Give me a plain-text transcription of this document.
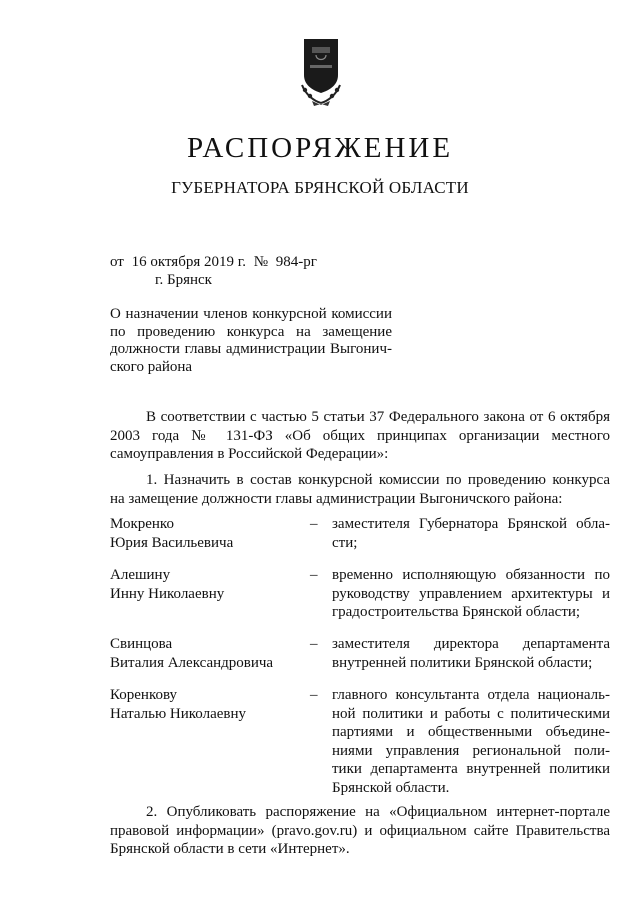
РАСПОРЯЖЕНИЕ
ГУБЕРНАТОРА БРЯНСКОЙ ОБЛАСТИ
от 16 октября 2019 г. № 984-рг
г. Брянск
О назначении членов конкурсной комиссии
по проведению конкурса на замещение
должности главы администрации Выгонич-
ского района
В соответствии с частью 5 статьи 37 Федерального закона от 6 октября
2003 года № 131-ФЗ «Об общих принципах организации местного
самоуправления в Российской Федерации»:
1. Назначить в состав конкурсной комиссии по проведению конкурса
на замещение должности главы администрации Выгоничского района:
Мокренко
Юрия Васильевича
– заместителя Губернатора Брянской обла-
сти;
Алешину
Инну Николаевну
– временно исполняющую обязанности по
руководству управлением архитектуры и
градостроительства Брянской области;
Свинцова
Виталия Александровича
– заместителя директора департамента
внутренней политики Брянской области;
Коренкову
Наталью Николаевну
– главного консультанта отдела националь-
ной политики и работы с политическими
партиями и общественными объедине-
ниями управления региональной поли-
тики департамента внутренней политики
Брянской области.
2. Опубликовать распоряжение на «Официальном интернет-портале
правовой информации» (pravo.gov.ru) и официальном сайте Правительства
Брянской области в сети «Интернет».
